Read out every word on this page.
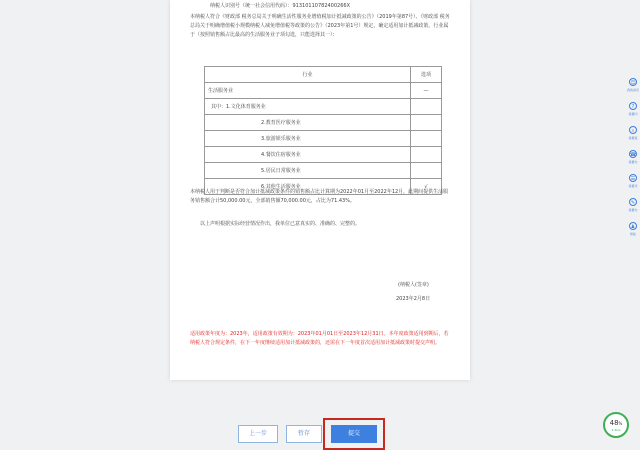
纳税人识别号（统一社会信用代码）：91310110782400266X
本纳税人符合《财政部 税务总局关于明确生活性服务业增值税加计抵减政策的公告》（2019年第87号）、《财政部 税务总局关于明确增值税小规模纳税人减免增值税等政策的公告》（2023年第1号）规定，确定适用加计抵减政策。行业属于（按照销售额占比最高的生活服务业子项勾选，只能选择其一）：
行业	选项
生活服务业	—
其中：1.文化体育服务业	
2.教育医疗服务业	
3.旅游娱乐服务业	
4.餐饮住宿服务业	
5.居民日常服务业	
6.其他生活服务业	√
本纳税人用于判断是否符合加计抵减政策条件的销售额占比计算期为2022年01月至2022年12月，此期间提供生活服务销售额合计50,000.00元，全部销售额70,000.00元，占比为71.43%。
以上声明根据实际经营情况作出，我单位已意真实的、准确的、完整的。
(纳税人(签章)
2023年2月8日
适用政策年度为：2023年，适用政策有效期为：2023年01月01日至2023年12月31日。本年度政策适用到期后，若纳税人符合规定条件，在下一年度继续适用加计抵减政策的，还需在下一年度首次适用加计抵减政策时提交声明。
上一步	暂存	提交
☺
我的消息
?
我要问
⌕
我要查
☎
我要办
☰
我要评
✎
我要办
♟
智能
48%
2.4k/s
